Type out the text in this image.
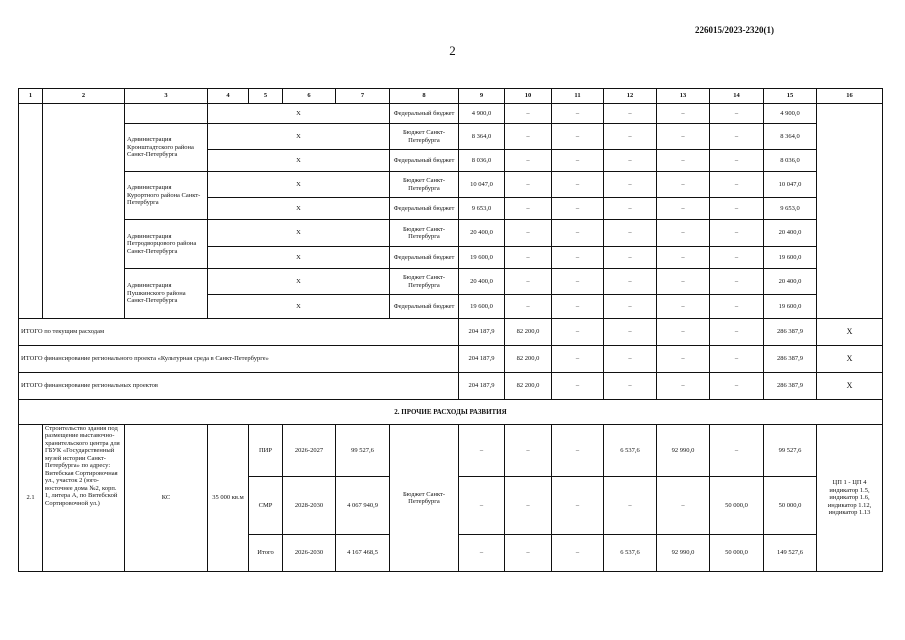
226015/2023-2320(1)
2
1	2	3	4	5	6	7	8	9	10	11	12	13	14	15	16
			Х				Федеральный бюджет	4 900,0	–	–	–	–	–	4 900,0	
		Администрация Кронштадтского района Санкт-Петербурга	Х				Бюджет Санкт-Петербурга	8 364,0	–	–	–	–	–	8 364,0	
			Х				Федеральный бюджет	8 036,0	–	–	–	–	–	8 036,0	
		Администрация Курортного района Санкт-Петербурга	Х				Бюджет Санкт-Петербурга	10 047,0	–	–	–	–	–	10 047,0	
			Х				Федеральный бюджет	9 653,0	–	–	–	–	–	9 653,0	
		Администрация Петродворцового района Санкт-Петербурга	Х				Бюджет Санкт-Петербурга	20 400,0	–	–	–	–	–	20 400,0	
			Х				Федеральный бюджет	19 600,0	–	–	–	–	–	19 600,0	
		Администрация Пушкинского района Санкт-Петербурга	Х				Бюджет Санкт-Петербурга	20 400,0	–	–	–	–	–	20 400,0	
			Х				Федеральный бюджет	19 600,0	–	–	–	–	–	19 600,0	
ИТОГО по текущим расходам								204 187,9	82 200,0	–	–	–	–	286 387,9	Х
ИТОГО финансирование регионального проекта «Культурная среда в Санкт-Петербурге»								204 187,9	82 200,0	–	–	–	–	286 387,9	Х
ИТОГО финансирование региональных проектов								204 187,9	82 200,0	–	–	–	–	286 387,9	Х
2. ПРОЧИЕ РАСХОДЫ РАЗВИТИЯ															
2.1	Строительство здания под размещение выставочно-хранительского центра для ГБУК «Государственный музей истории Санкт-Петербурга» по адресу: Витебская Сортировочная ул., участок 2 (юго-восточнее дома №2, корп. 1, литера А, по Витебской Сортировочной ул.)	КС	35 000 кв.м	ПИР	2026-2027	99 527,6	Бюджет Санкт-Петербурга	–	–	–	6 537,6	92 990,0	–	99 527,6	ЦП 1 - ЦП 4 индикатор 1.5, индикатор 1.6, индикатор 1.12, индикатор 1.13
				СМР	2028-2030	4 067 940,9		–	–	–	–	–	50 000,0	50 000,0	
				Итого	2026-2030	4 167 468,5		–	–	–	6 537,6	92 990,0	50 000,0	149 527,6	
